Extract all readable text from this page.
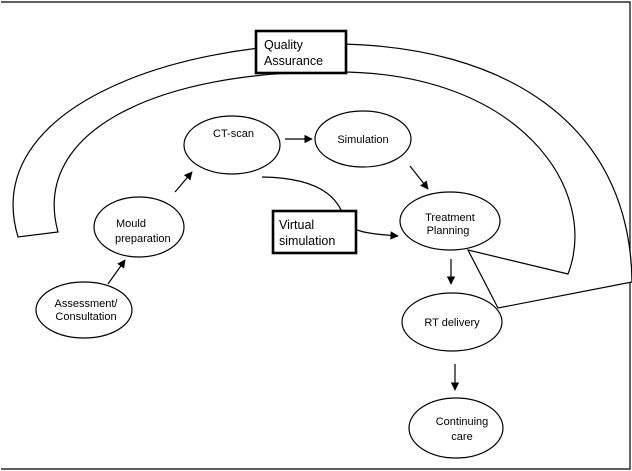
CT-scan	Simulation
Mould
preparation
Assessment/
Consultation
Treatment
Planning
RT delivery
Continuing
care
Quality
Assurance
Virtual
simulation
